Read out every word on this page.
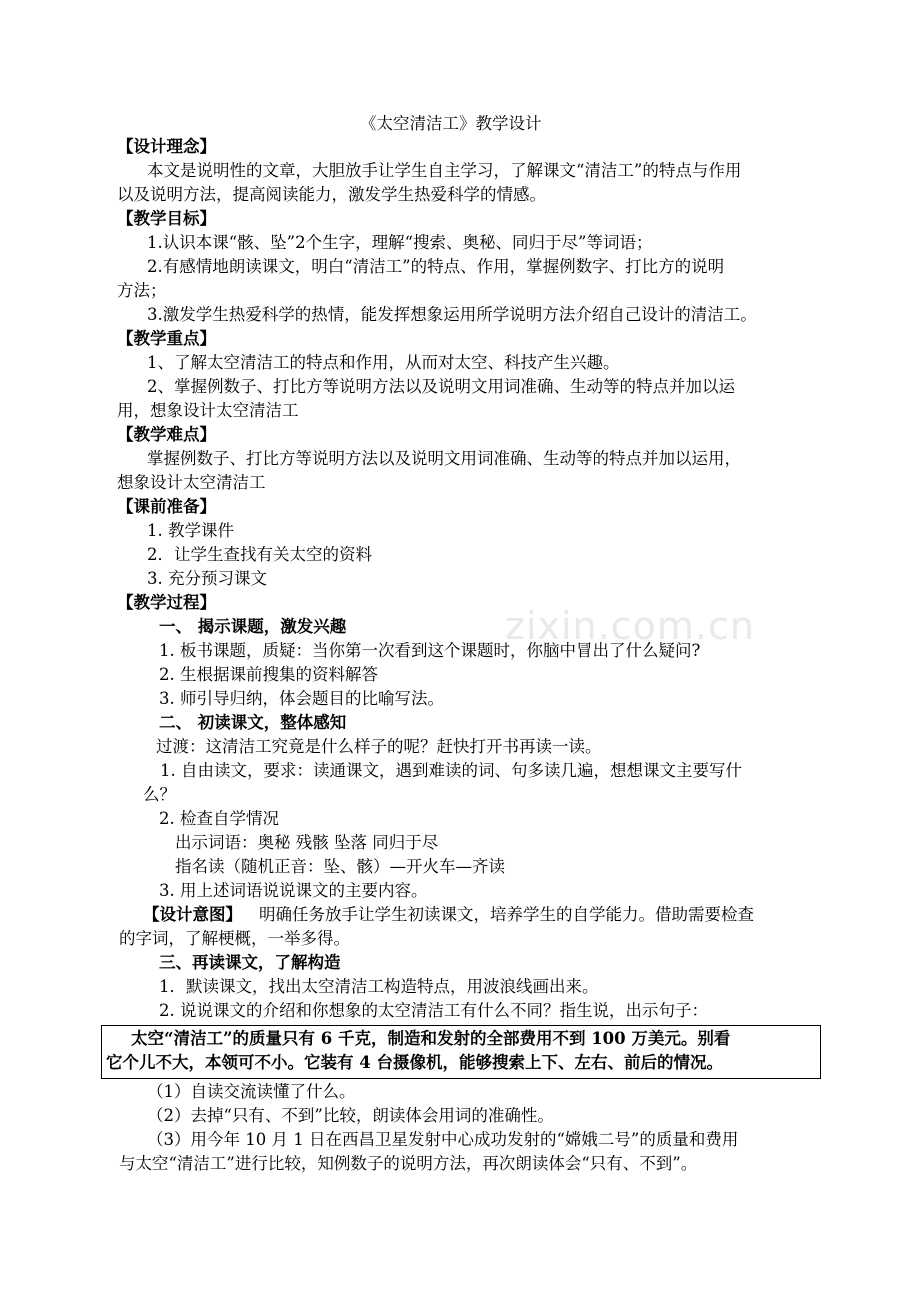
zixin.com.cn
《太空清洁工》教学设计
【设计理念】
本文是说明性的文章，大胆放手让学生自主学习，了解课文“清洁工”的特点与作用
以及说明方法，提高阅读能力，激发学生热爱科学的情感。
【教学目标】
1.认识本课“骸、坠”2个生字，理解“搜索、奥秘、同归于尽”等词语；
2.有感情地朗读课文，明白“清洁工”的特点、作用，掌握例数字、打比方的说明
方法；
3.激发学生热爱科学的热情，能发挥想象运用所学说明方法介绍自己设计的清洁工。
【教学重点】
1、了解太空清洁工的特点和作用，从而对太空、科技产生兴趣。
2、掌握例数子、打比方等说明方法以及说明文用词准确、生动等的特点并加以运
用，想象设计太空清洁工
【教学难点】
掌握例数子、打比方等说明方法以及说明文用词准确、生动等的特点并加以运用，
想象设计太空清洁工
【课前准备】
1. 教学课件
2．让学生查找有关太空的资料
3. 充分预习课文
【教学过程】
一、 揭示课题，激发兴趣
1. 板书课题，质疑：当你第一次看到这个课题时，你脑中冒出了什么疑问?
2. 生根据课前搜集的资料解答
3. 师引导归纳，体会题目的比喻写法。
二、 初读课文，整体感知
过渡：这清洁工究竟是什么样子的呢？赶快打开书再读一读。
1. 自由读文，要求：读通课文，遇到难读的词、句多读几遍，想想课文主要写什
么？
2. 检查自学情况
出示词语：奥秘 残骸 坠落 同归于尽
指名读（随机正音：坠、骸）—开火车—齐读
3. 用上述词语说说课文的主要内容。
【设计意图】 明确任务放手让学生初读课文，培养学生的自学能力。借助需要检查
的字词，了解梗概，一举多得。
三、再读课文，了解构造
1．默读课文，找出太空清洁工构造特点，用波浪线画出来。
2. 说说课文的介绍和你想象的太空清洁工有什么不同？指生说，出示句子：
太空“清洁工”的质量只有 6 千克，制造和发射的全部费用不到 100 万美元。别看
它个儿不大，本领可不小。它装有 4 台摄像机，能够搜索上下、左右、前后的情况。
（1）自读交流读懂了什么。
（2）去掉“只有、不到”比较，朗读体会用词的准确性。
（3）用今年 10 月 1 日在西昌卫星发射中心成功发射的“嫦娥二号”的质量和费用
与太空“清洁工”进行比较，知例数子的说明方法，再次朗读体会“只有、不到”。
